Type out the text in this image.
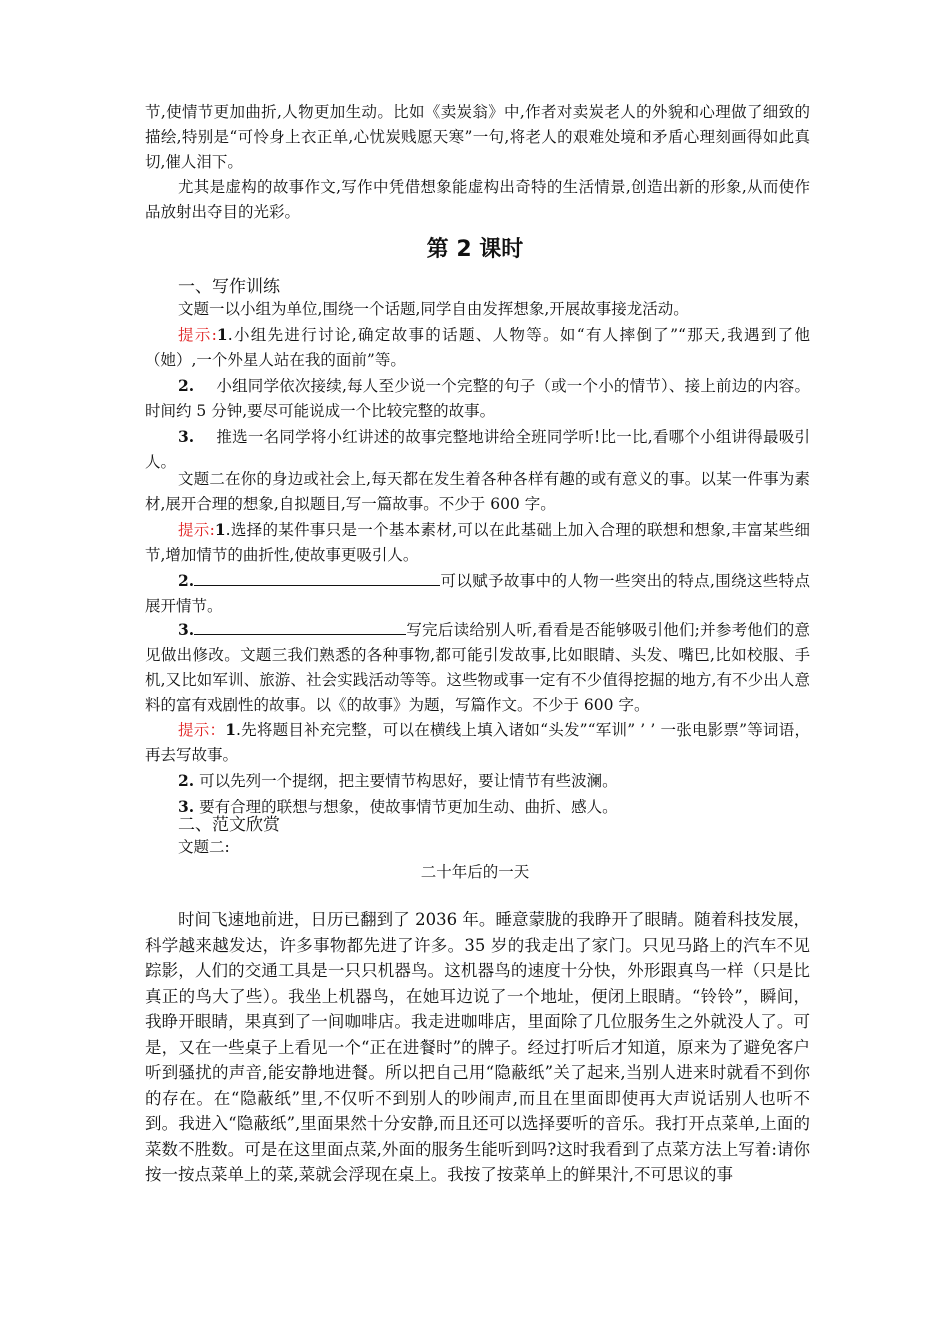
节,使情节更加曲折,人物更加生动。比如《卖炭翁》中,作者对卖炭老人的外貌和心理做了细致的描绘,特别是“可怜身上衣正单,心忧炭贱愿天寒”一句,将老人的艰难处境和矛盾心理刻画得如此真切,催人泪下。

尤其是虚构的故事作文,写作中凭借想象能虚构出奇特的生活情景,创造出新的形象,从而使作品放射出夺目的光彩。

第 2 课时
一、写作训练

文题一以小组为单位,围绕一个话题,同学自由发挥想象,开展故事接龙活动。

提示:1.小组先进行讨论,确定故事的话题、人物等。如“有人摔倒了”“那天,我遇到了他（她）,一个外星人站在我的面前”等。

2. 小组同学依次接续,每人至少说一个完整的句子（或一个小的情节）、接上前边的内容。时间约 5 分钟,要尽可能说成一个比较完整的故事。

3. 推选一名同学将小红讲述的故事完整地讲给全班同学听!比一比,看哪个小组讲得最吸引人。

文题二在你的身边或社会上,每天都在发生着各种各样有趣的或有意义的事。以某一件事为素材,展开合理的想象,自拟题目,写一篇故事。不少于 600 字。

提示:1.选择的某件事只是一个基本素材,可以在此基础上加入合理的联想和想象,丰富某些细节,增加情节的曲折性,使故事更吸引人。

2.	可以赋予故事中的人物一些突出的特点,围绕这些特点展开情节。

3.	写完后读给别人听,看看是否能够吸引他们;并参考他们的意见做出修改。文题三我们熟悉的各种事物,都可能引发故事,比如眼睛、头发、嘴巴,比如校服、手机,又比如军训、旅游、社会实践活动等等。这些物或事一定有不少值得挖掘的地方,有不少出人意料的富有戏剧性的故事。以《的故事》为题，写篇作文。不少于 600 字。

提示：1.先将题目补充完整，可以在横线上填入诸如“头发”“军训” ’ ’ 一张电影票”等词语，再去写故事。

2. 可以先列一个提纲，把主要情节构思好，要让情节有些波澜。

3. 要有合理的联想与想象，使故事情节更加生动、曲折、感人。

二、范文欣赏
文题二:
二十年后的一天

时间飞速地前进，日历已翻到了 2036 年。睡意蒙胧的我睁开了眼睛。随着科技发展，科学越来越发达，许多事物都先进了许多。35 岁的我走出了家门。只见马路上的汽车不见踪影，人们的交通工具是一只只机器鸟。这机器鸟的速度十分快，外形跟真鸟一样（只是比真正的鸟大了些）。我坐上机器鸟，在她耳边说了一个地址，便闭上眼睛。“铃铃”，瞬间，我睁开眼睛，果真到了一间咖啡店。我走进咖啡店，里面除了几位服务生之外就没人了。可是，又在一些桌子上看见一个“正在进餐时”的牌子。经过打听后才知道，原来为了避免客户听到骚扰的声音,能安静地进餐。所以把自己用“隐蔽纸”关了起来,当别人进来时就看不到你的存在。在“隐蔽纸”里,不仅听不到别人的吵闹声,而且在里面即使再大声说话别人也听不到。我进入“隐蔽纸”,里面果然十分安静,而且还可以选择要听的音乐。我打开点菜单,上面的菜数不胜数。可是在这里面点菜,外面的服务生能听到吗?这时我看到了点菜方法上写着:请你按一按点菜单上的菜,菜就会浮现在桌上。我按了按菜单上的鲜果汁,不可思议的事
